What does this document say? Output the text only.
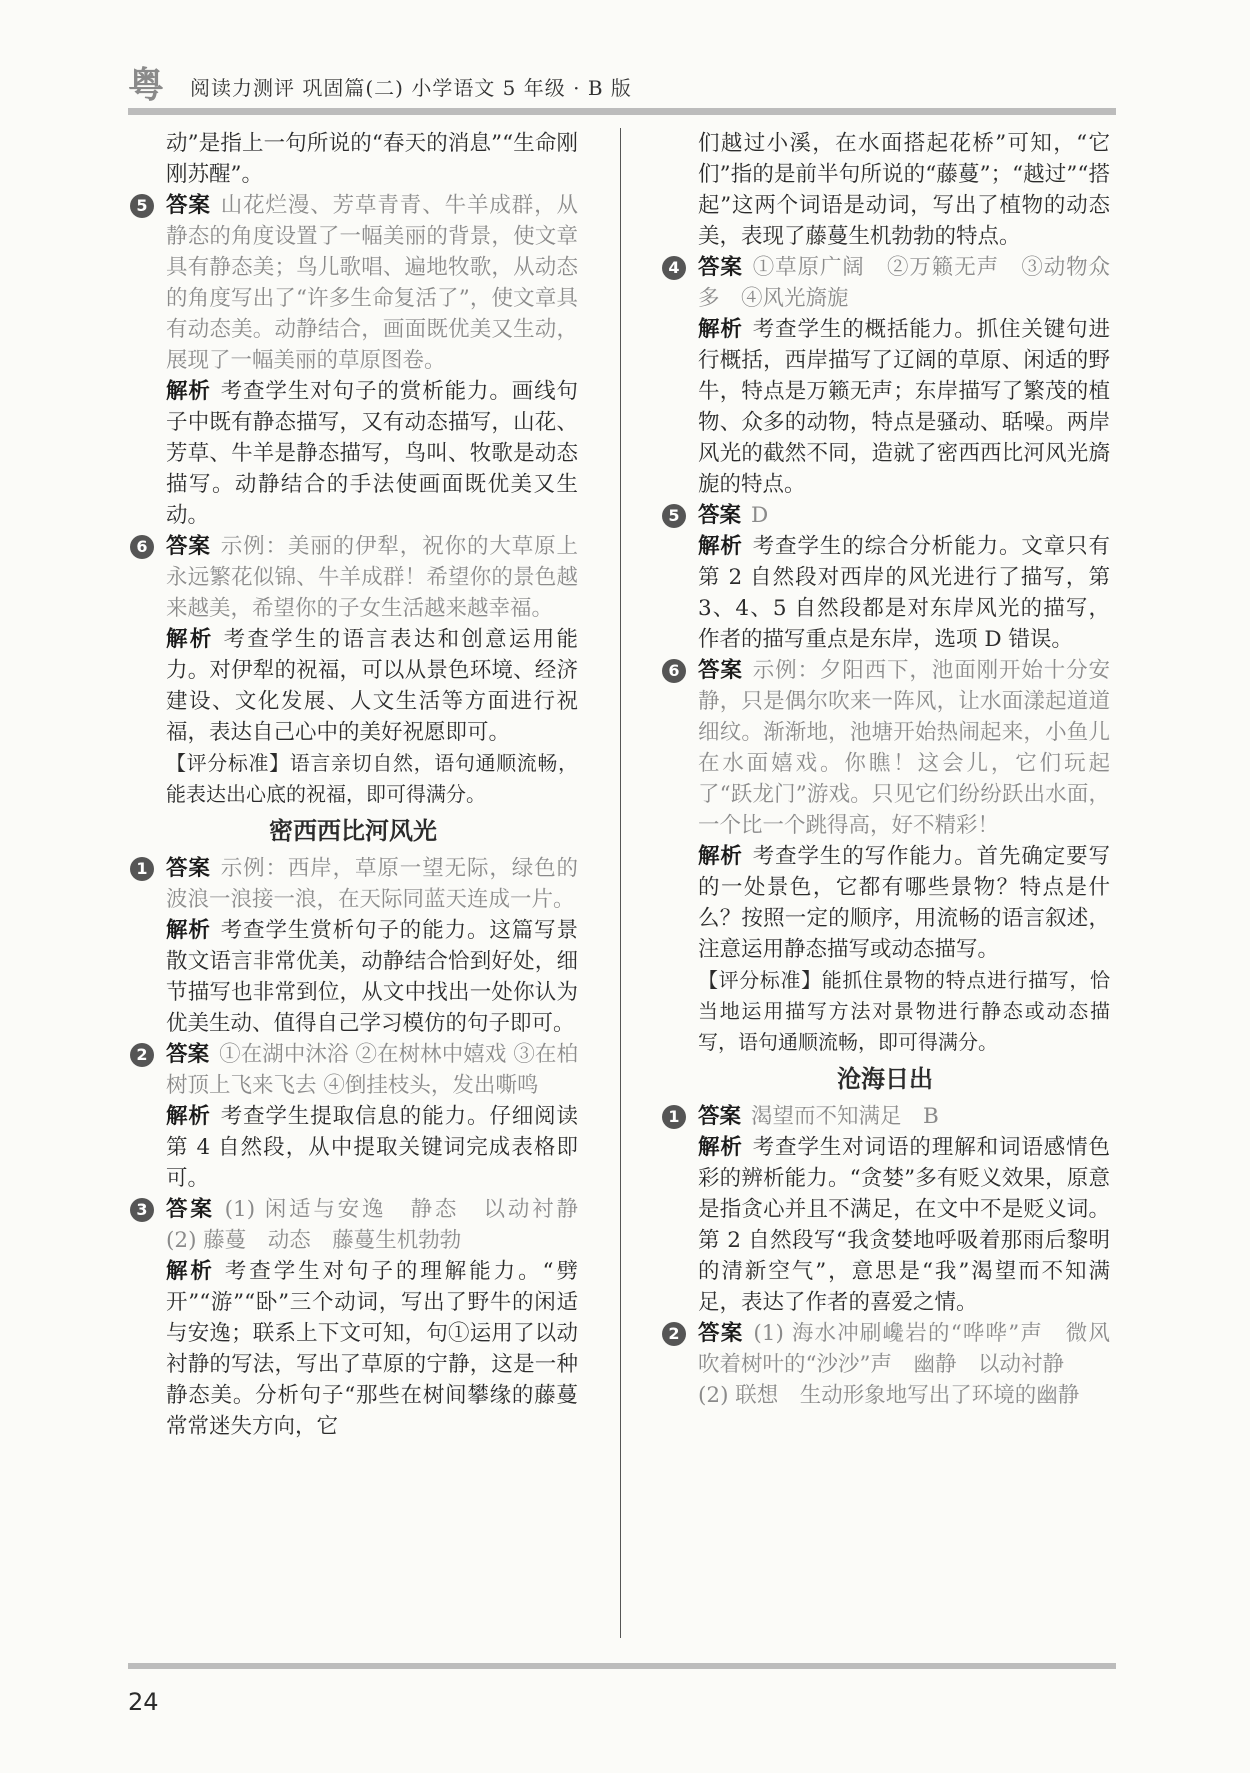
粤 阅读力测评 巩固篇(二) 小学语文 5 年级 · B 版

动”是指上一句所说的“春天的消息”“生命刚刚苏醒”。

5 答案 山花烂漫、芳草青青、牛羊成群，从静态的角度设置了一幅美丽的背景，使文章具有静态美；鸟儿歌唱、遍地牧歌，从动态的角度写出了“许多生命复活了”，使文章具有动态美。动静结合，画面既优美又生动，展现了一幅美丽的草原图卷。

解析 考查学生对句子的赏析能力。画线句子中既有静态描写，又有动态描写，山花、芳草、牛羊是静态描写，鸟叫、牧歌是动态描写。动静结合的手法使画面既优美又生动。

6 答案 示例：美丽的伊犁，祝你的大草原上永远繁花似锦、牛羊成群！希望你的景色越来越美，希望你的子女生活越来越幸福。

解析 考查学生的语言表达和创意运用能力。对伊犁的祝福，可以从景色环境、经济建设、文化发展、人文生活等方面进行祝福，表达自己心中的美好祝愿即可。

【评分标准】语言亲切自然，语句通顺流畅，能表达出心底的祝福，即可得满分。

密西西比河风光
1 答案 示例：西岸，草原一望无际，绿色的波浪一浪接一浪，在天际同蓝天连成一片。

解析 考查学生赏析句子的能力。这篇写景散文语言非常优美，动静结合恰到好处，细节描写也非常到位，从文中找出一处你认为优美生动、值得自己学习模仿的句子即可。

2 答案 ①在湖中沐浴 ②在树林中嬉戏 ③在柏树顶上飞来飞去 ④倒挂枝头，发出嘶鸣

解析 考查学生提取信息的能力。仔细阅读第 4 自然段，从中提取关键词完成表格即可。

3 答案 (1) 闲适与安逸　静态　以动衬静　(2) 藤蔓　动态　藤蔓生机勃勃

解析 考查学生对句子的理解能力。“劈开”“游”“卧”三个动词，写出了野牛的闲适与安逸；联系上下文可知，句①运用了以动衬静的写法，写出了草原的宁静，这是一种静态美。分析句子“那些在树间攀缘的藤蔓常常迷失方向，它

们越过小溪，在水面搭起花桥”可知，“它们”指的是前半句所说的“藤蔓”；“越过”“搭起”这两个词语是动词，写出了植物的动态美，表现了藤蔓生机勃勃的特点。

4 答案 ①草原广阔　②万籁无声　③动物众多　④风光旖旎

解析 考查学生的概括能力。抓住关键句进行概括，西岸描写了辽阔的草原、闲适的野牛，特点是万籁无声；东岸描写了繁茂的植物、众多的动物，特点是骚动、聒噪。两岸风光的截然不同，造就了密西西比河风光旖旎的特点。

5 答案 D

解析 考查学生的综合分析能力。文章只有第 2 自然段对西岸的风光进行了描写，第 3、4、5 自然段都是对东岸风光的描写，作者的描写重点是东岸，选项 D 错误。

6 答案 示例：夕阳西下，池面刚开始十分安静，只是偶尔吹来一阵风，让水面漾起道道细纹。渐渐地，池塘开始热闹起来，小鱼儿在水面嬉戏。你瞧！这会儿，它们玩起了“跃龙门”游戏。只见它们纷纷跃出水面，一个比一个跳得高，好不精彩！

解析 考查学生的写作能力。首先确定要写的一处景色，它都有哪些景物？特点是什么？按照一定的顺序，用流畅的语言叙述，注意运用静态描写或动态描写。

【评分标准】能抓住景物的特点进行描写，恰当地运用描写方法对景物进行静态或动态描写，语句通顺流畅，即可得满分。

沧海日出
1 答案 渴望而不知满足　B

解析 考查学生对词语的理解和词语感情色彩的辨析能力。“贪婪”多有贬义效果，原意是指贪心并且不满足，在文中不是贬义词。第 2 自然段写“我贪婪地呼吸着那雨后黎明的清新空气”，意思是“我”渴望而不知满足，表达了作者的喜爱之情。

2 答案 (1) 海水冲刷巉岩的“哗哗”声　微风吹着树叶的“沙沙”声　幽静　以动衬静

(2) 联想　生动形象地写出了环境的幽静

24
